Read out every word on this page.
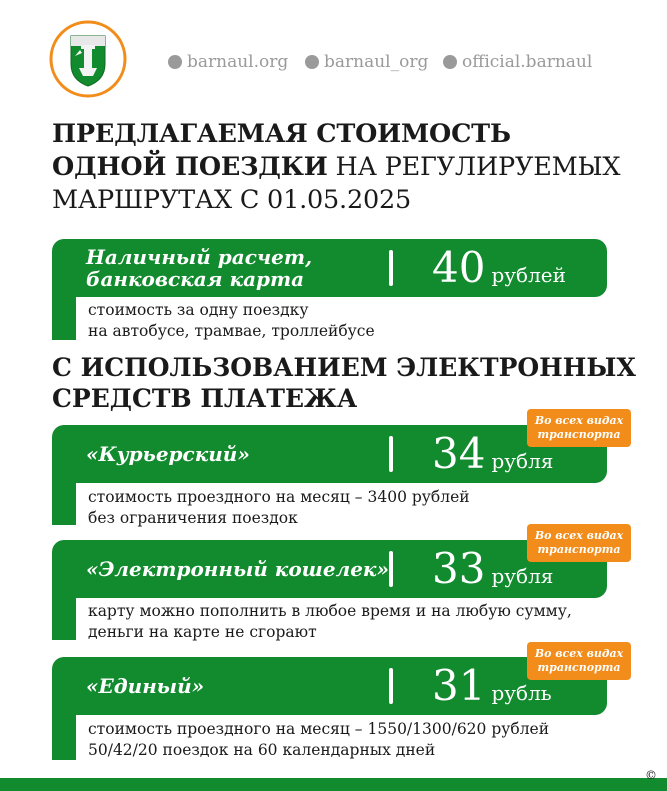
barnaul.org barnaul_org official.barnaul
ПРЕДЛАГАЕМАЯ СТОИМОСТЬ
ОДНОЙ ПОЕЗДКИ НА РЕГУЛИРУЕМЫХ
МАРШРУТАХ С 01.05.2025
Наличный расчет,
банковская карта	40 рублей
стоимость за одну поездку
на автобусе, трамвае, троллейбусе
С ИСПОЛЬЗОВАНИЕМ ЭЛЕКТРОННЫХ
СРЕДСТВ ПЛАТЕЖА
«Курьерский»	34 рубля
Во всех видах
транспорта
стоимость проездного на месяц – 3400 рублей
без ограничения поездок
«Электронный кошелек» 33 рубля
Во всех видах
транспорта
карту можно пополнить в любое время и на любую сумму,
деньги на карте не сгорают
«Единый»	31 рубль
Во всех видах
транспорта
стоимость проездного на месяц – 1550/1300/620 рублей
50/42/20 поездок на 60 календарных дней
©
